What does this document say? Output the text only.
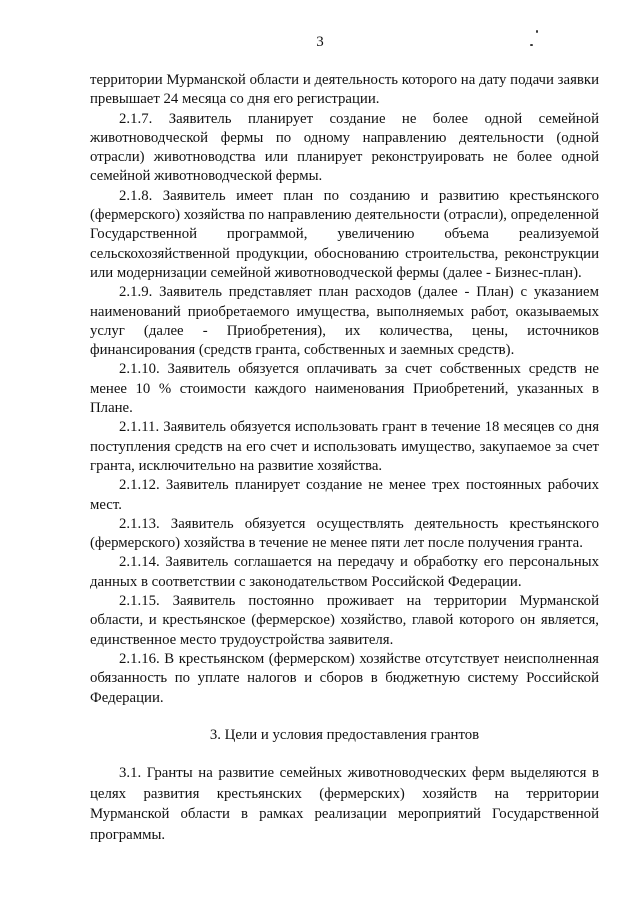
3

территории Мурманской области и деятельность которого на дату подачи заявки превышает 24 месяца со дня его регистрации.

2.1.7. Заявитель планирует создание не более одной семейной животноводческой фермы по одному направлению деятельности (одной отрасли) животноводства или планирует реконструировать не более одной семейной животноводческой фермы.

2.1.8. Заявитель имеет план по созданию и развитию крестьянского (фермерского) хозяйства по направлению деятельности (отрасли), определенной Государственной программой, увеличению объема реализуемой сельскохозяйственной продукции, обоснованию строительства, реконструкции или модернизации семейной животноводческой фермы (далее - Бизнес-план).

2.1.9. Заявитель представляет план расходов (далее - План) с указанием наименований приобретаемого имущества, выполняемых работ, оказываемых услуг (далее - Приобретения), их количества, цены, источников финансирования (средств гранта, собственных и заемных средств).

2.1.10. Заявитель обязуется оплачивать за счет собственных средств не менее 10 % стоимости каждого наименования Приобретений, указанных в Плане.

2.1.11. Заявитель обязуется использовать грант в течение 18 месяцев со дня поступления средств на его счет и использовать имущество, закупаемое за счет гранта, исключительно на развитие хозяйства.

2.1.12. Заявитель планирует создание не менее трех постоянных рабочих мест.

2.1.13. Заявитель обязуется осуществлять деятельность крестьянского (фермерского) хозяйства в течение не менее пяти лет после получения гранта.

2.1.14. Заявитель соглашается на передачу и обработку его персональных данных в соответствии с законодательством Российской Федерации.

2.1.15. Заявитель постоянно проживает на территории Мурманской области, и крестьянское (фермерское) хозяйство, главой которого он является, единственное место трудоустройства заявителя.

2.1.16. В крестьянском (фермерском) хозяйстве отсутствует неисполненная обязанность по уплате налогов и сборов в бюджетную систему Российской Федерации.

3. Цели и условия предоставления грантов

3.1. Гранты на развитие семейных животноводческих ферм выделяются в целях развития крестьянских (фермерских) хозяйств на территории Мурманской области в рамках реализации мероприятий Государственной программы.
